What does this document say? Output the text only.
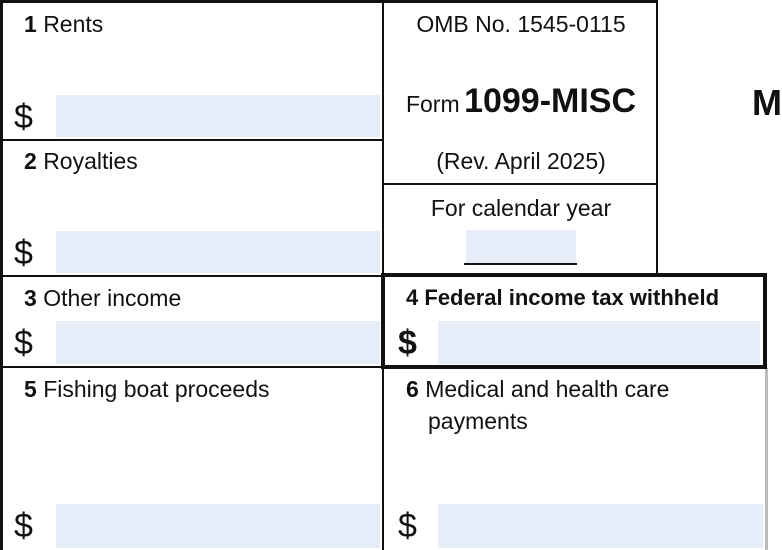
1 Rents
$
2 Royalties
$
3 Other income
$
5 Fishing boat proceeds
$
OMB No. 1545-0115
Form 1099-MISC
(Rev. April 2025)
For calendar year
M
4 Federal income tax withheld
$
6 Medical and health care
payments
$
